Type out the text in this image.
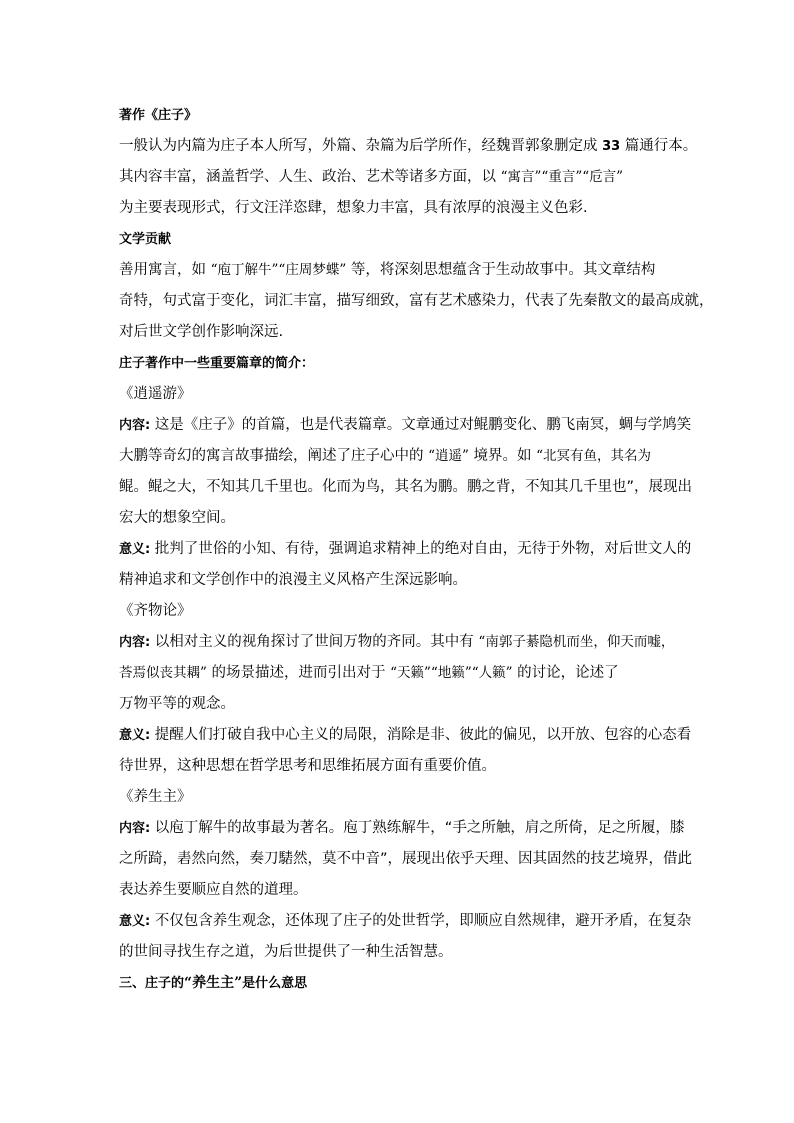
著作《庄子》

一般认为内篇为庄子本人所写，外篇、杂篇为后学所作，经魏晋郭象删定成 33 篇通行本。

其内容丰富，涵盖哲学、人生、政治、艺术等诸多方面，以 “寓言”“重言”“卮言”

为主要表现形式，行文汪洋恣肆，想象力丰富，具有浓厚的浪漫主义色彩.

文学贡献

善用寓言，如 “庖丁解牛”“庄周梦蝶” 等，将深刻思想蕴含于生动故事中。其文章结构

奇特，句式富于变化，词汇丰富，描写细致，富有艺术感染力，代表了先秦散文的最高成就，

对后世文学创作影响深远.

庄子著作中一些重要篇章的简介：

《逍遥游》

内容: 这是《庄子》的首篇，也是代表篇章。文章通过对鲲鹏变化、鹏飞南冥，蜩与学鸠笑

大鹏等奇幻的寓言故事描绘，阐述了庄子心中的 “逍遥” 境界。如 “北冥有鱼，其名为

鲲。鲲之大，不知其几千里也。化而为鸟，其名为鹏。鹏之背，不知其几千里也”，展现出

宏大的想象空间。

意义: 批判了世俗的小知、有待，强调追求精神上的绝对自由，无待于外物，对后世文人的

精神追求和文学创作中的浪漫主义风格产生深远影响。

《齐物论》

内容: 以相对主义的视角探讨了世间万物的齐同。其中有 “南郭子綦隐机而坐，仰天而嘘，

荅焉似丧其耦” 的场景描述，进而引出对于 “天籁”“地籁”“人籁” 的讨论，论述了

万物平等的观念。

意义: 提醒人们打破自我中心主义的局限，消除是非、彼此的偏见，以开放、包容的心态看

待世界，这种思想在哲学思考和思维拓展方面有重要价值。

《养生主》

内容: 以庖丁解牛的故事最为著名。庖丁熟练解牛，“手之所触，肩之所倚，足之所履，膝

之所踦，砉然向然，奏刀騞然，莫不中音”，展现出依乎天理、因其固然的技艺境界，借此

表达养生要顺应自然的道理。

意义: 不仅包含养生观念，还体现了庄子的处世哲学，即顺应自然规律，避开矛盾，在复杂

的世间寻找生存之道，为后世提供了一种生活智慧。

三、庄子的“养生主”是什么意思
